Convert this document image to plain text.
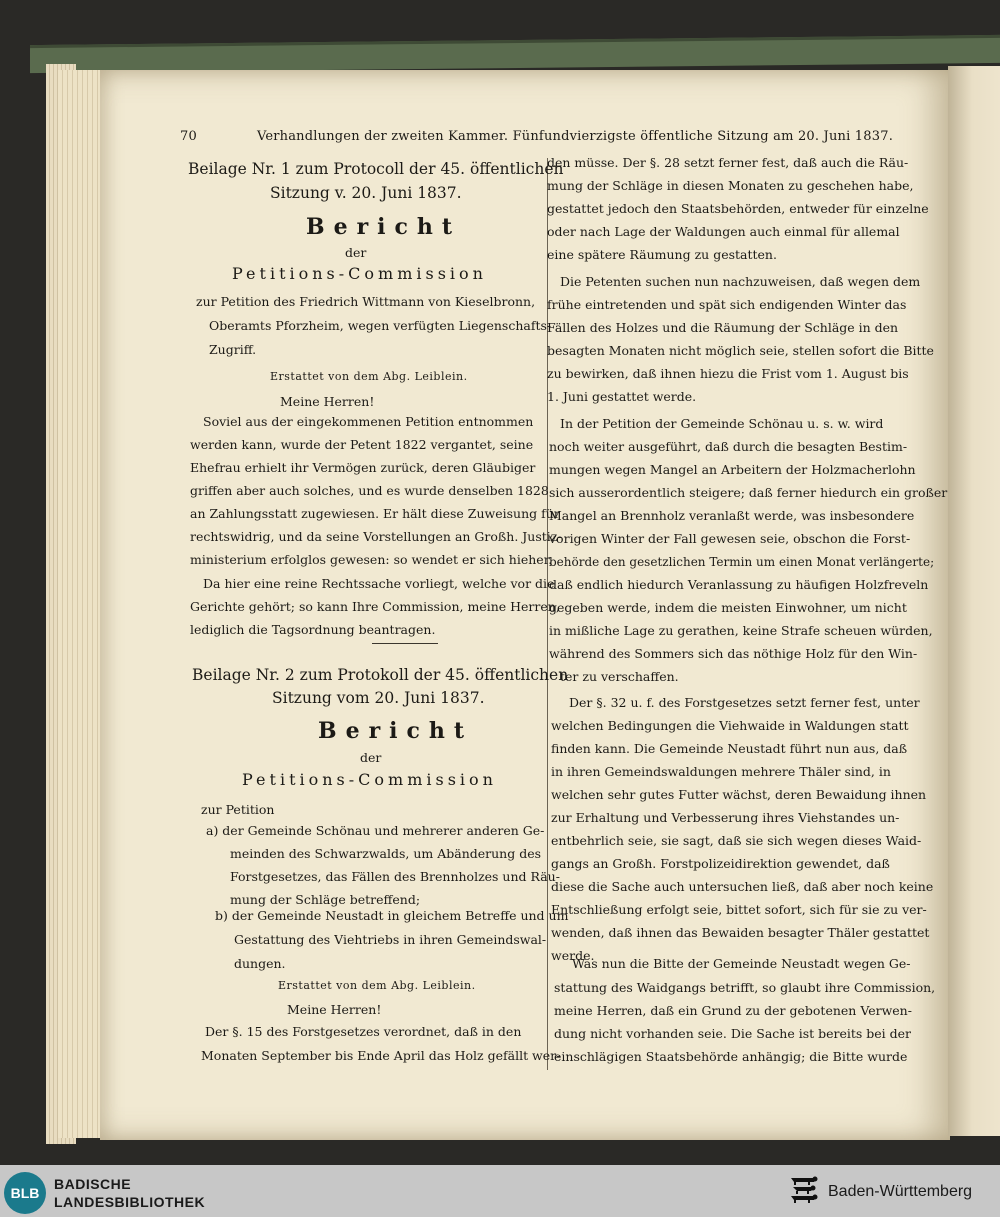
70	Verhandlungen der zweiten Kammer. Fünfundvierzigste öffentliche Sitzung am 20. Juni 1837.
Beilage Nr. 1 zum Protocoll der 45. öffentlichen
Sitzung v. 20. Juni 1837.
Bericht
der
Petitions-Commission
zur Petition des Friedrich Wittmann von Kieselbronn,
Oberamts Pforzheim, wegen verfügten Liegenschafts-
Zugriff.
Erstattet von dem Abg. Leiblein.
Meine Herren!
Soviel aus der eingekommenen Petition entnommen
werden kann, wurde der Petent 1822 vergantet, seine
Ehefrau erhielt ihr Vermögen zurück, deren Gläubiger
griffen aber auch solches, und es wurde denselben 1828
an Zahlungsstatt zugewiesen. Er hält diese Zuweisung für
rechtswidrig, und da seine Vorstellungen an Großh. Justiz-
ministerium erfolglos gewesen: so wendet er sich hieher.
Da hier eine reine Rechtssache vorliegt, welche vor die
Gerichte gehört; so kann Ihre Commission, meine Herren,
lediglich die Tagsordnung beantragen.
Beilage Nr. 2 zum Protokoll der 45. öffentlichen
Sitzung vom 20. Juni 1837.
Bericht
der
Petitions-Commission
zur Petition
a) der Gemeinde Schönau und mehrerer anderen Ge-
meinden des Schwarzwalds, um Abänderung des
Forstgesetzes, das Fällen des Brennholzes und Räu-
mung der Schläge betreffend;
b) der Gemeinde Neustadt in gleichem Betreffe und um
Gestattung des Viehtriebs in ihren Gemeindswal-
dungen.
Erstattet von dem Abg. Leiblein.
Meine Herren!
Der §. 15 des Forstgesetzes verordnet, daß in den
Monaten September bis Ende April das Holz gefällt wer-
den müsse. Der §. 28 setzt ferner fest, daß auch die Räu-
mung der Schläge in diesen Monaten zu geschehen habe,
gestattet jedoch den Staatsbehörden, entweder für einzelne
oder nach Lage der Waldungen auch einmal für allemal
eine spätere Räumung zu gestatten.
Die Petenten suchen nun nachzuweisen, daß wegen dem
frühe eintretenden und spät sich endigenden Winter das
Fällen des Holzes und die Räumung der Schläge in den
besagten Monaten nicht möglich seie, stellen sofort die Bitte
zu bewirken, daß ihnen hiezu die Frist vom 1. August bis
1. Juni gestattet werde.
In der Petition der Gemeinde Schönau u. s. w. wird
noch weiter ausgeführt, daß durch die besagten Bestim-
mungen wegen Mangel an Arbeitern der Holzmacherlohn
sich ausserordentlich steigere; daß ferner hiedurch ein großer
Mangel an Brennholz veranlaßt werde, was insbesondere
vorigen Winter der Fall gewesen seie, obschon die Forst-
behörde den gesetzlichen Termin um einen Monat verlängerte;
daß endlich hiedurch Veranlassung zu häufigen Holzfreveln
gegeben werde, indem die meisten Einwohner, um nicht
in mißliche Lage zu gerathen, keine Strafe scheuen würden,
während des Sommers sich das nöthige Holz für den Win-
ter zu verschaffen.
Der §. 32 u. f. des Forstgesetzes setzt ferner fest, unter
welchen Bedingungen die Viehwaide in Waldungen statt
finden kann. Die Gemeinde Neustadt führt nun aus, daß
in ihren Gemeindswaldungen mehrere Thäler sind, in
welchen sehr gutes Futter wächst, deren Bewaidung ihnen
zur Erhaltung und Verbesserung ihres Viehstandes un-
entbehrlich seie, sie sagt, daß sie sich wegen dieses Waid-
gangs an Großh. Forstpolizeidirektion gewendet, daß
diese die Sache auch untersuchen ließ, daß aber noch keine
Entschließung erfolgt seie, bittet sofort, sich für sie zu ver-
wenden, daß ihnen das Bewaiden besagter Thäler gestattet
werde.
Was nun die Bitte der Gemeinde Neustadt wegen Ge-
stattung des Waidgangs betrifft, so glaubt ihre Commission,
meine Herren, daß ein Grund zu der gebotenen Verwen-
dung nicht vorhanden seie. Die Sache ist bereits bei der
einschlägigen Staatsbehörde anhängig; die Bitte wurde
BLB
BADISCHE
LANDESBIBLIOTHEK
Baden-Württemberg
